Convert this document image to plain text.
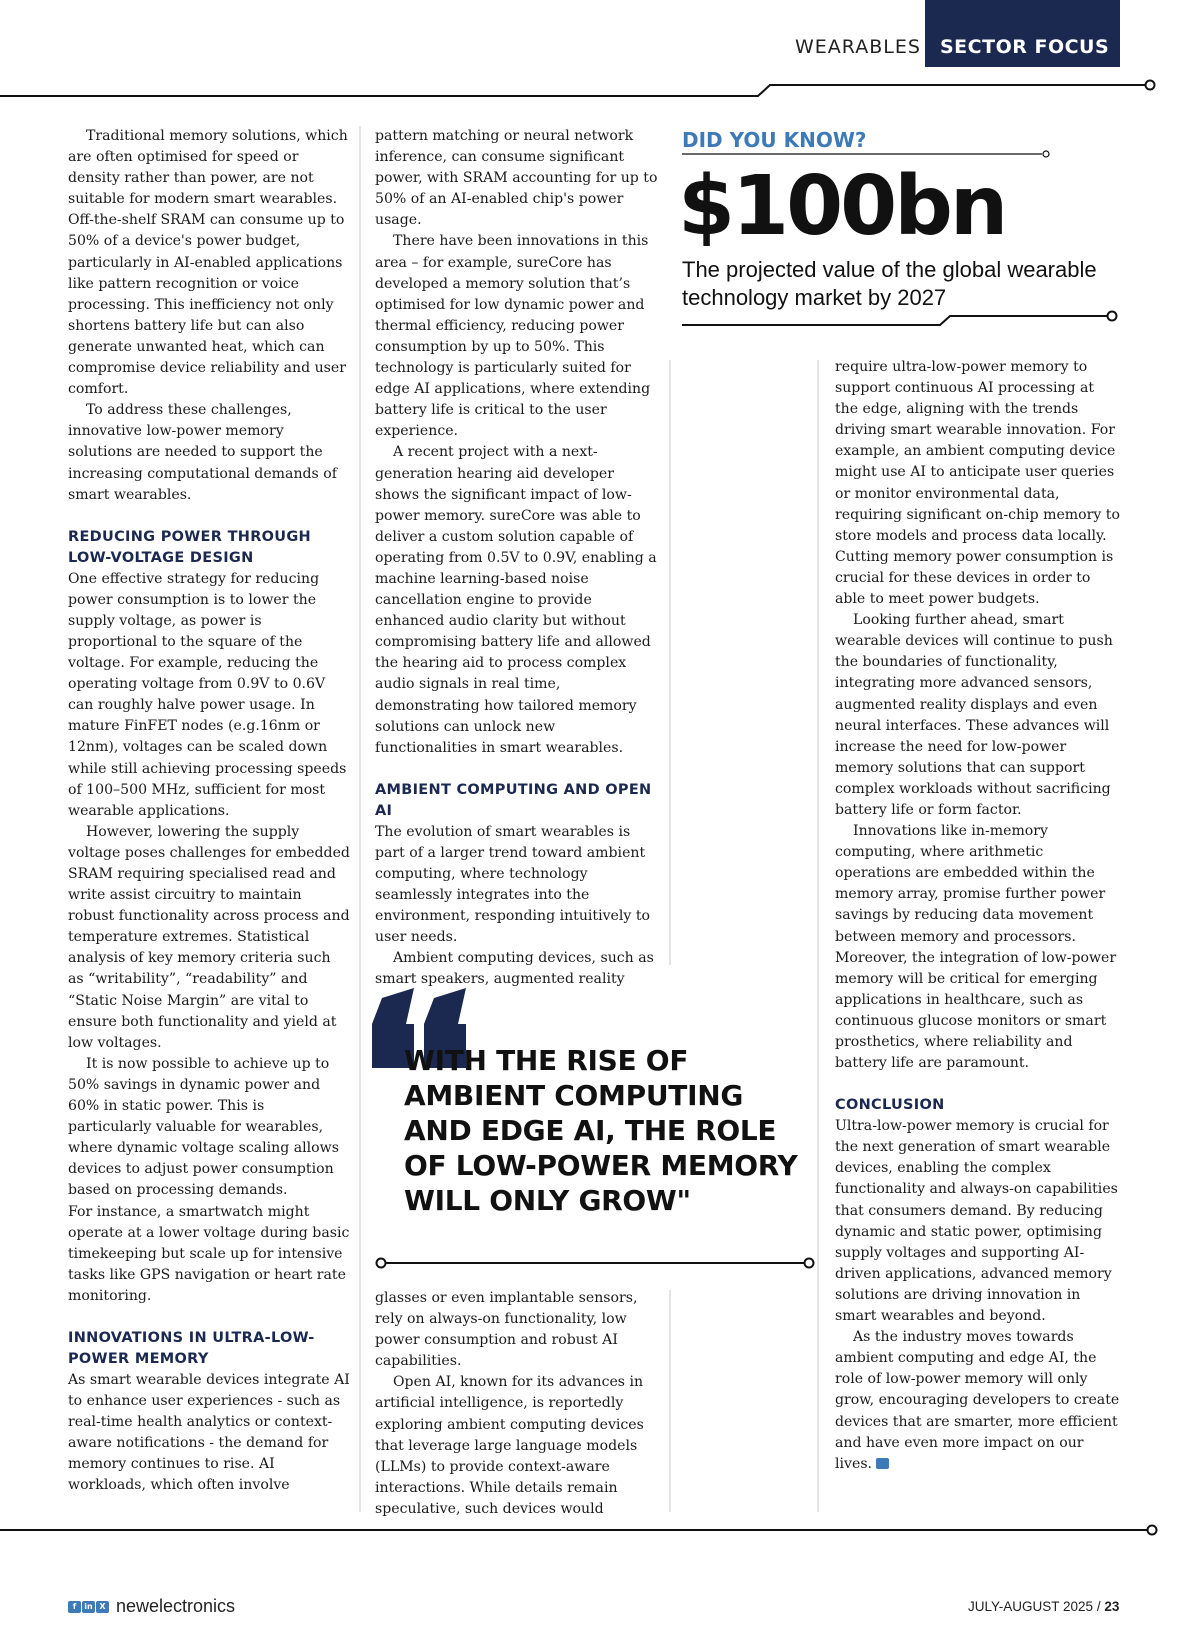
WEARABLES SECTOR FOCUS

Traditional memory solutions, which are often optimised for speed or density rather than power, are not suitable for modern smart wearables. Off-the-shelf SRAM can consume up to 50% of a device's power budget, particularly in AI-enabled applications like pattern recognition or voice processing. This inefficiency not only shortens battery life but can also generate unwanted heat, which can compromise device reliability and user comfort.

To address these challenges, innovative low-power memory solutions are needed to support the increasing computational demands of smart wearables.

REDUCING POWER THROUGH LOW-VOLTAGE DESIGN

One effective strategy for reducing power consumption is to lower the supply voltage, as power is proportional to the square of the voltage. For example, reducing the operating voltage from 0.9V to 0.6V can roughly halve power usage. In mature FinFET nodes (e.g.16nm or 12nm), voltages can be scaled down while still achieving processing speeds of 100–500 MHz, sufficient for most wearable applications.

However, lowering the supply voltage poses challenges for embedded SRAM requiring specialised read and write assist circuitry to maintain robust functionality across process and temperature extremes. Statistical analysis of key memory criteria such as “writability”, “readability” and “Static Noise Margin” are vital to ensure both functionality and yield at low voltages.

It is now possible to achieve up to 50% savings in dynamic power and 60% in static power. This is particularly valuable for wearables, where dynamic voltage scaling allows devices to adjust power consumption based on processing demands.

For instance, a smartwatch might operate at a lower voltage during basic timekeeping but scale up for intensive tasks like GPS navigation or heart rate monitoring.

INNOVATIONS IN ULTRA-LOW-POWER MEMORY

As smart wearable devices integrate AI to enhance user experiences - such as real-time health analytics or context-aware notifications - the demand for memory continues to rise. AI workloads, which often involve

pattern matching or neural network inference, can consume significant power, with SRAM accounting for up to 50% of an AI-enabled chip's power usage.

There have been innovations in this area – for example, sureCore has developed a memory solution that’s optimised for low dynamic power and thermal efficiency, reducing power consumption by up to 50%. This technology is particularly suited for edge AI applications, where extending battery life is critical to the user experience.

A recent project with a next-generation hearing aid developer shows the significant impact of low-power memory. sureCore was able to deliver a custom solution capable of operating from 0.5V to 0.9V, enabling a machine learning-based noise cancellation engine to provide enhanced audio clarity but without compromising battery life and allowed the hearing aid to process complex audio signals in real time, demonstrating how tailored memory solutions can unlock new functionalities in smart wearables.

AMBIENT COMPUTING AND OPEN AI

The evolution of smart wearables is part of a larger trend toward ambient computing, where technology seamlessly integrates into the environment, responding intuitively to user needs.

Ambient computing devices, such as smart speakers, augmented reality

WITH THE RISE OF AMBIENT COMPUTING AND EDGE AI, THE ROLE OF LOW-POWER MEMORY WILL ONLY GROW"

glasses or even implantable sensors, rely on always-on functionality, low power consumption and robust AI capabilities.

Open AI, known for its advances in artificial intelligence, is reportedly exploring ambient computing devices that leverage large language models (LLMs) to provide context-aware interactions. While details remain speculative, such devices would

DID YOU KNOW?
$100bn
The projected value of the global wearable technology market by 2027

require ultra-low-power memory to support continuous AI processing at the edge, aligning with the trends driving smart wearable innovation. For example, an ambient computing device might use AI to anticipate user queries or monitor environmental data, requiring significant on-chip memory to store models and process data locally. Cutting memory power consumption is crucial for these devices in order to able to meet power budgets.

Looking further ahead, smart wearable devices will continue to push the boundaries of functionality, integrating more advanced sensors, augmented reality displays and even neural interfaces. These advances will increase the need for low-power memory solutions that can support complex workloads without sacrificing battery life or form factor.

Innovations like in-memory computing, where arithmetic operations are embedded within the memory array, promise further power savings by reducing data movement between memory and processors. Moreover, the integration of low-power memory will be critical for emerging applications in healthcare, such as continuous glucose monitors or smart prosthetics, where reliability and battery life are paramount.

CONCLUSION

Ultra-low-power memory is crucial for the next generation of smart wearable devices, enabling the complex functionality and always-on capabilities that consumers demand. By reducing dynamic and static power, optimising supply voltages and supporting AI-driven applications, advanced memory solutions are driving innovation in smart wearables and beyond.

As the industry moves towards ambient computing and edge AI, the role of low-power memory will only grow, encouraging developers to create devices that are smarter, more efficient and have even more impact on our lives.	NE

f	in X newelectronics	JULY-AUGUST 2025 / 23
